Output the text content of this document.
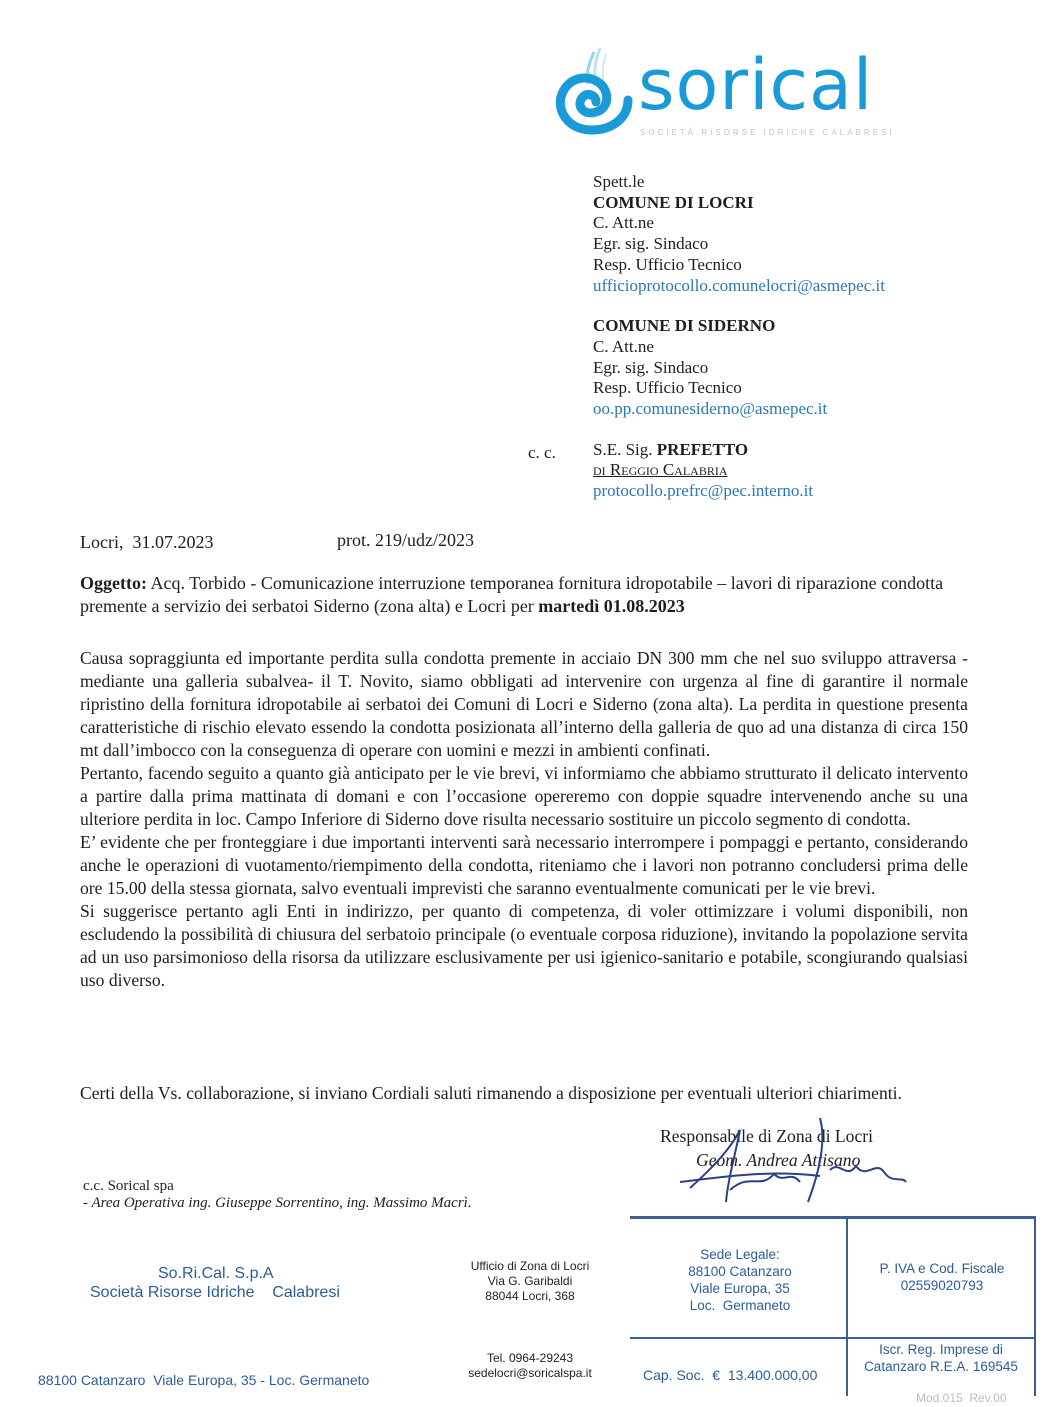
sorical
SOCIETÀ RISORSE IDRICHE CALABRESI
Spett.le
COMUNE DI LOCRI
C. Att.ne
Egr. sig. Sindaco
Resp. Ufficio Tecnico
ufficioprotocollo.comunelocri@asmepec.it
COMUNE DI SIDERNO
C. Att.ne
Egr. sig. Sindaco
Resp. Ufficio Tecnico
oo.pp.comunesiderno@asmepec.it
S.E. Sig. PREFETTO
di Reggio Calabria
protocollo.prefrc@pec.interno.it
c. c.
Locri,  31.07.2023	prot. 219/udz/2023
Oggetto: Acq. Torbido - Comunicazione interruzione temporanea fornitura idropotabile – lavori di riparazione condotta premente a servizio dei serbatoi Siderno (zona alta) e Locri per martedì 01.08.2023

Causa sopraggiunta ed importante perdita sulla condotta premente in acciaio DN 300 mm che nel suo sviluppo attraversa -mediante una galleria subalvea- il T. Novito, siamo obbligati ad intervenire con urgenza al fine di garantire il normale ripristino della fornitura idropotabile ai serbatoi dei Comuni di Locri e Siderno (zona alta). La perdita in questione presenta caratteristiche di rischio elevato essendo la condotta posizionata all’interno della galleria de quo ad una distanza di circa 150 mt dall’imbocco con la conseguenza di operare con uomini e mezzi in ambienti confinati.

Pertanto, facendo seguito a quanto già anticipato per le vie brevi, vi informiamo che abbiamo strutturato il delicato intervento a partire dalla prima mattinata di domani e con l’occasione opereremo con doppie squadre intervenendo anche su una ulteriore perdita in loc. Campo Inferiore di Siderno dove risulta necessario sostituire un piccolo segmento di condotta.

E’ evidente che per fronteggiare i due importanti interventi sarà necessario interrompere i pompaggi e pertanto, considerando anche le operazioni di vuotamento/riempimento della condotta, riteniamo che i lavori non potranno concludersi prima delle ore 15.00 della stessa giornata, salvo eventuali imprevisti che saranno eventualmente comunicati per le vie brevi.

Si suggerisce pertanto agli Enti in indirizzo, per quanto di competenza, di voler ottimizzare i volumi disponibili, non escludendo la possibilità di chiusura del serbatoio principale (o eventuale corposa riduzione), invitando la popolazione servita ad un uso parsimonioso della risorsa da utilizzare esclusivamente per usi igienico-sanitario e potabile, scongiurando qualsiasi uso diverso.

Certi della Vs. collaborazione, si inviano Cordiali saluti rimanendo a disposizione per eventuali ulteriori chiarimenti.
Responsabile di Zona di Locri
Geom. Andrea Attisano
c.c. Sorical spa
- Area Operativa ing. Giuseppe Sorrentino, ing. Massimo Macrì.
So.Ri.Cal. S.p.A
Società Risorse Idriche    Calabresi
88100 Catanzaro  Viale Europa, 35 - Loc. Germaneto
Ufficio di Zona di Locri
Via G. Garibaldi
88044 Locri, 368
Tel. 0964-29243
sedelocri@soricalspa.it
Sede Legale:
88100 Catanzaro
Viale Europa, 35
Loc.  Germaneto
P. IVA e Cod. Fiscale
02559020793
Cap. Soc.  €  13.400.000,00
Iscr. Reg. Imprese di
Catanzaro R.E.A. 169545
Mod.015  Rev.00
